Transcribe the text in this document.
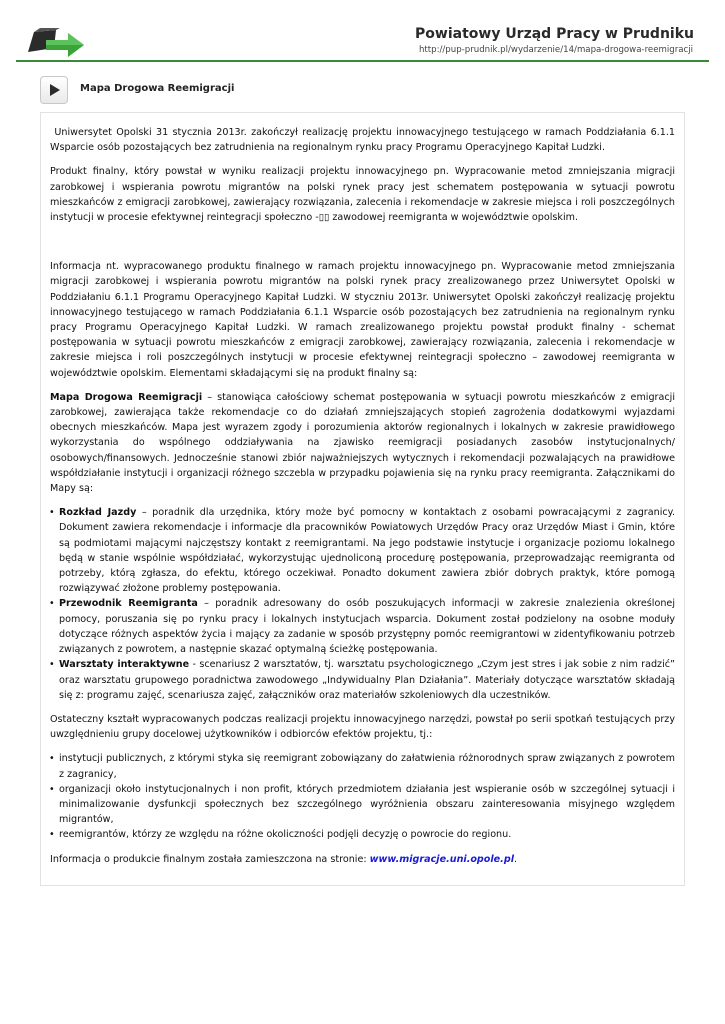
Powiatowy Urząd Pracy w Prudniku
http://pup-prudnik.pl/wydarzenie/14/mapa-drogowa-reemigracji
Mapa Drogowa Reemigracji

Uniwersytet Opolski 31 stycznia 2013r. zakończył realizację projektu innowacyjnego testującego w ramach Poddziałania 6.1.1 Wsparcie osób pozostających bez zatrudnienia na regionalnym rynku pracy Programu Operacyjnego Kapitał Ludzki.

Produkt finalny, który powstał w wyniku realizacji projektu innowacyjnego pn. Wypracowanie metod zmniejszania migracji zarobkowej i wspierania powrotu migrantów na polski rynek pracy jest schematem postępowania w sytuacji powrotu mieszkańców z emigracji zarobkowej, zawierający rozwiązania, zalecenia i rekomendacje w zakresie miejsca i roli poszczególnych instytucji w procesie efektywnej reintegracji społeczno -▯▯ zawodowej reemigranta w województwie opolskim.

Informacja nt. wypracowanego produktu finalnego w ramach projektu innowacyjnego pn. Wypracowanie metod zmniejszania migracji zarobkowej i wspierania powrotu migrantów na polski rynek pracy zrealizowanego przez Uniwersytet Opolski w Poddziałaniu 6.1.1 Programu Operacyjnego Kapitał Ludzki. W styczniu 2013r. Uniwersytet Opolski zakończył realizację projektu innowacyjnego testującego w ramach Poddziałania 6.1.1 Wsparcie osób pozostających bez zatrudnienia na regionalnym rynku pracy Programu Operacyjnego Kapitał Ludzki. W ramach zrealizowanego projektu powstał produkt finalny - schemat postępowania w sytuacji powrotu mieszkańców z emigracji zarobkowej, zawierający rozwiązania, zalecenia i rekomendacje w zakresie miejsca i roli poszczególnych instytucji w procesie efektywnej reintegracji społeczno – zawodowej reemigranta w województwie opolskim. Elementami składającymi się na produkt finalny są:

Mapa Drogowa Reemigracji – stanowiąca całościowy schemat postępowania w sytuacji powrotu mieszkańców z emigracji zarobkowej, zawierająca także rekomendacje co do działań zmniejszających stopień zagrożenia dodatkowymi wyjazdami obecnych mieszkańców. Mapa jest wyrazem zgody i porozumienia aktorów regionalnych i lokalnych w zakresie prawidłowego wykorzystania do wspólnego oddziaływania na zjawisko reemigracji posiadanych zasobów instytucjonalnych/ osobowych/finansowych. Jednocześnie stanowi zbiór najważniejszych wytycznych i rekomendacji pozwalających na prawidłowe współdziałanie instytucji i organizacji różnego szczebla w przypadku pojawienia się na rynku pracy reemigranta. Załącznikami do Mapy są:

• Rozkład Jazdy – poradnik dla urzędnika, który może być pomocny w kontaktach z osobami powracającymi z zagranicy. Dokument zawiera rekomendacje i informacje dla pracowników Powiatowych Urzędów Pracy oraz Urzędów Miast i Gmin, które są podmiotami mającymi najczęstszy kontakt z reemigrantami. Na jego podstawie instytucje i organizacje poziomu lokalnego będą w stanie wspólnie współdziałać, wykorzystując ujednoliconą procedurę postępowania, przeprowadzając reemigranta od potrzeby, którą zgłasza, do efektu, którego oczekiwał. Ponadto dokument zawiera zbiór dobrych praktyk, które pomogą rozwiązywać złożone problemy postępowania.
• Przewodnik Reemigranta – poradnik adresowany do osób poszukujących informacji w zakresie znalezienia określonej pomocy, poruszania się po rynku pracy i lokalnych instytucjach wsparcia. Dokument został podzielony na osobne moduły dotyczące różnych aspektów życia i mający za zadanie w sposób przystępny pomóc reemigrantowi w zidentyfikowaniu potrzeb związanych z powrotem, a następnie skazać optymalną ścieżkę postępowania.
• Warsztaty interaktywne - scenariusz 2 warsztatów, tj. warsztatu psychologicznego „Czym jest stres i jak sobie z nim radzić” oraz warsztatu grupowego poradnictwa zawodowego „Indywidualny Plan Działania”. Materiały dotyczące warsztatów składają się z: programu zajęć, scenariusza zajęć, załączników oraz materiałów szkoleniowych dla uczestników.

Ostateczny kształt wypracowanych podczas realizacji projektu innowacyjnego narzędzi, powstał po serii spotkań testujących przy uwzględnieniu grupy docelowej użytkowników i odbiorców efektów projektu, tj.:

• instytucji publicznych, z którymi styka się reemigrant zobowiązany do załatwienia różnorodnych spraw związanych z powrotem z zagranicy,
• organizacji około instytucjonalnych i non profit, których przedmiotem działania jest wspieranie osób w szczególnej sytuacji i minimalizowanie dysfunkcji społecznych bez szczególnego wyróżnienia obszaru zainteresowania misyjnego względem migrantów,
• reemigrantów, którzy ze względu na różne okoliczności podjęli decyzję o powrocie do regionu.

Informacja o produkcie finalnym została zamieszczona na stronie: www.migracje.uni.opole.pl.
